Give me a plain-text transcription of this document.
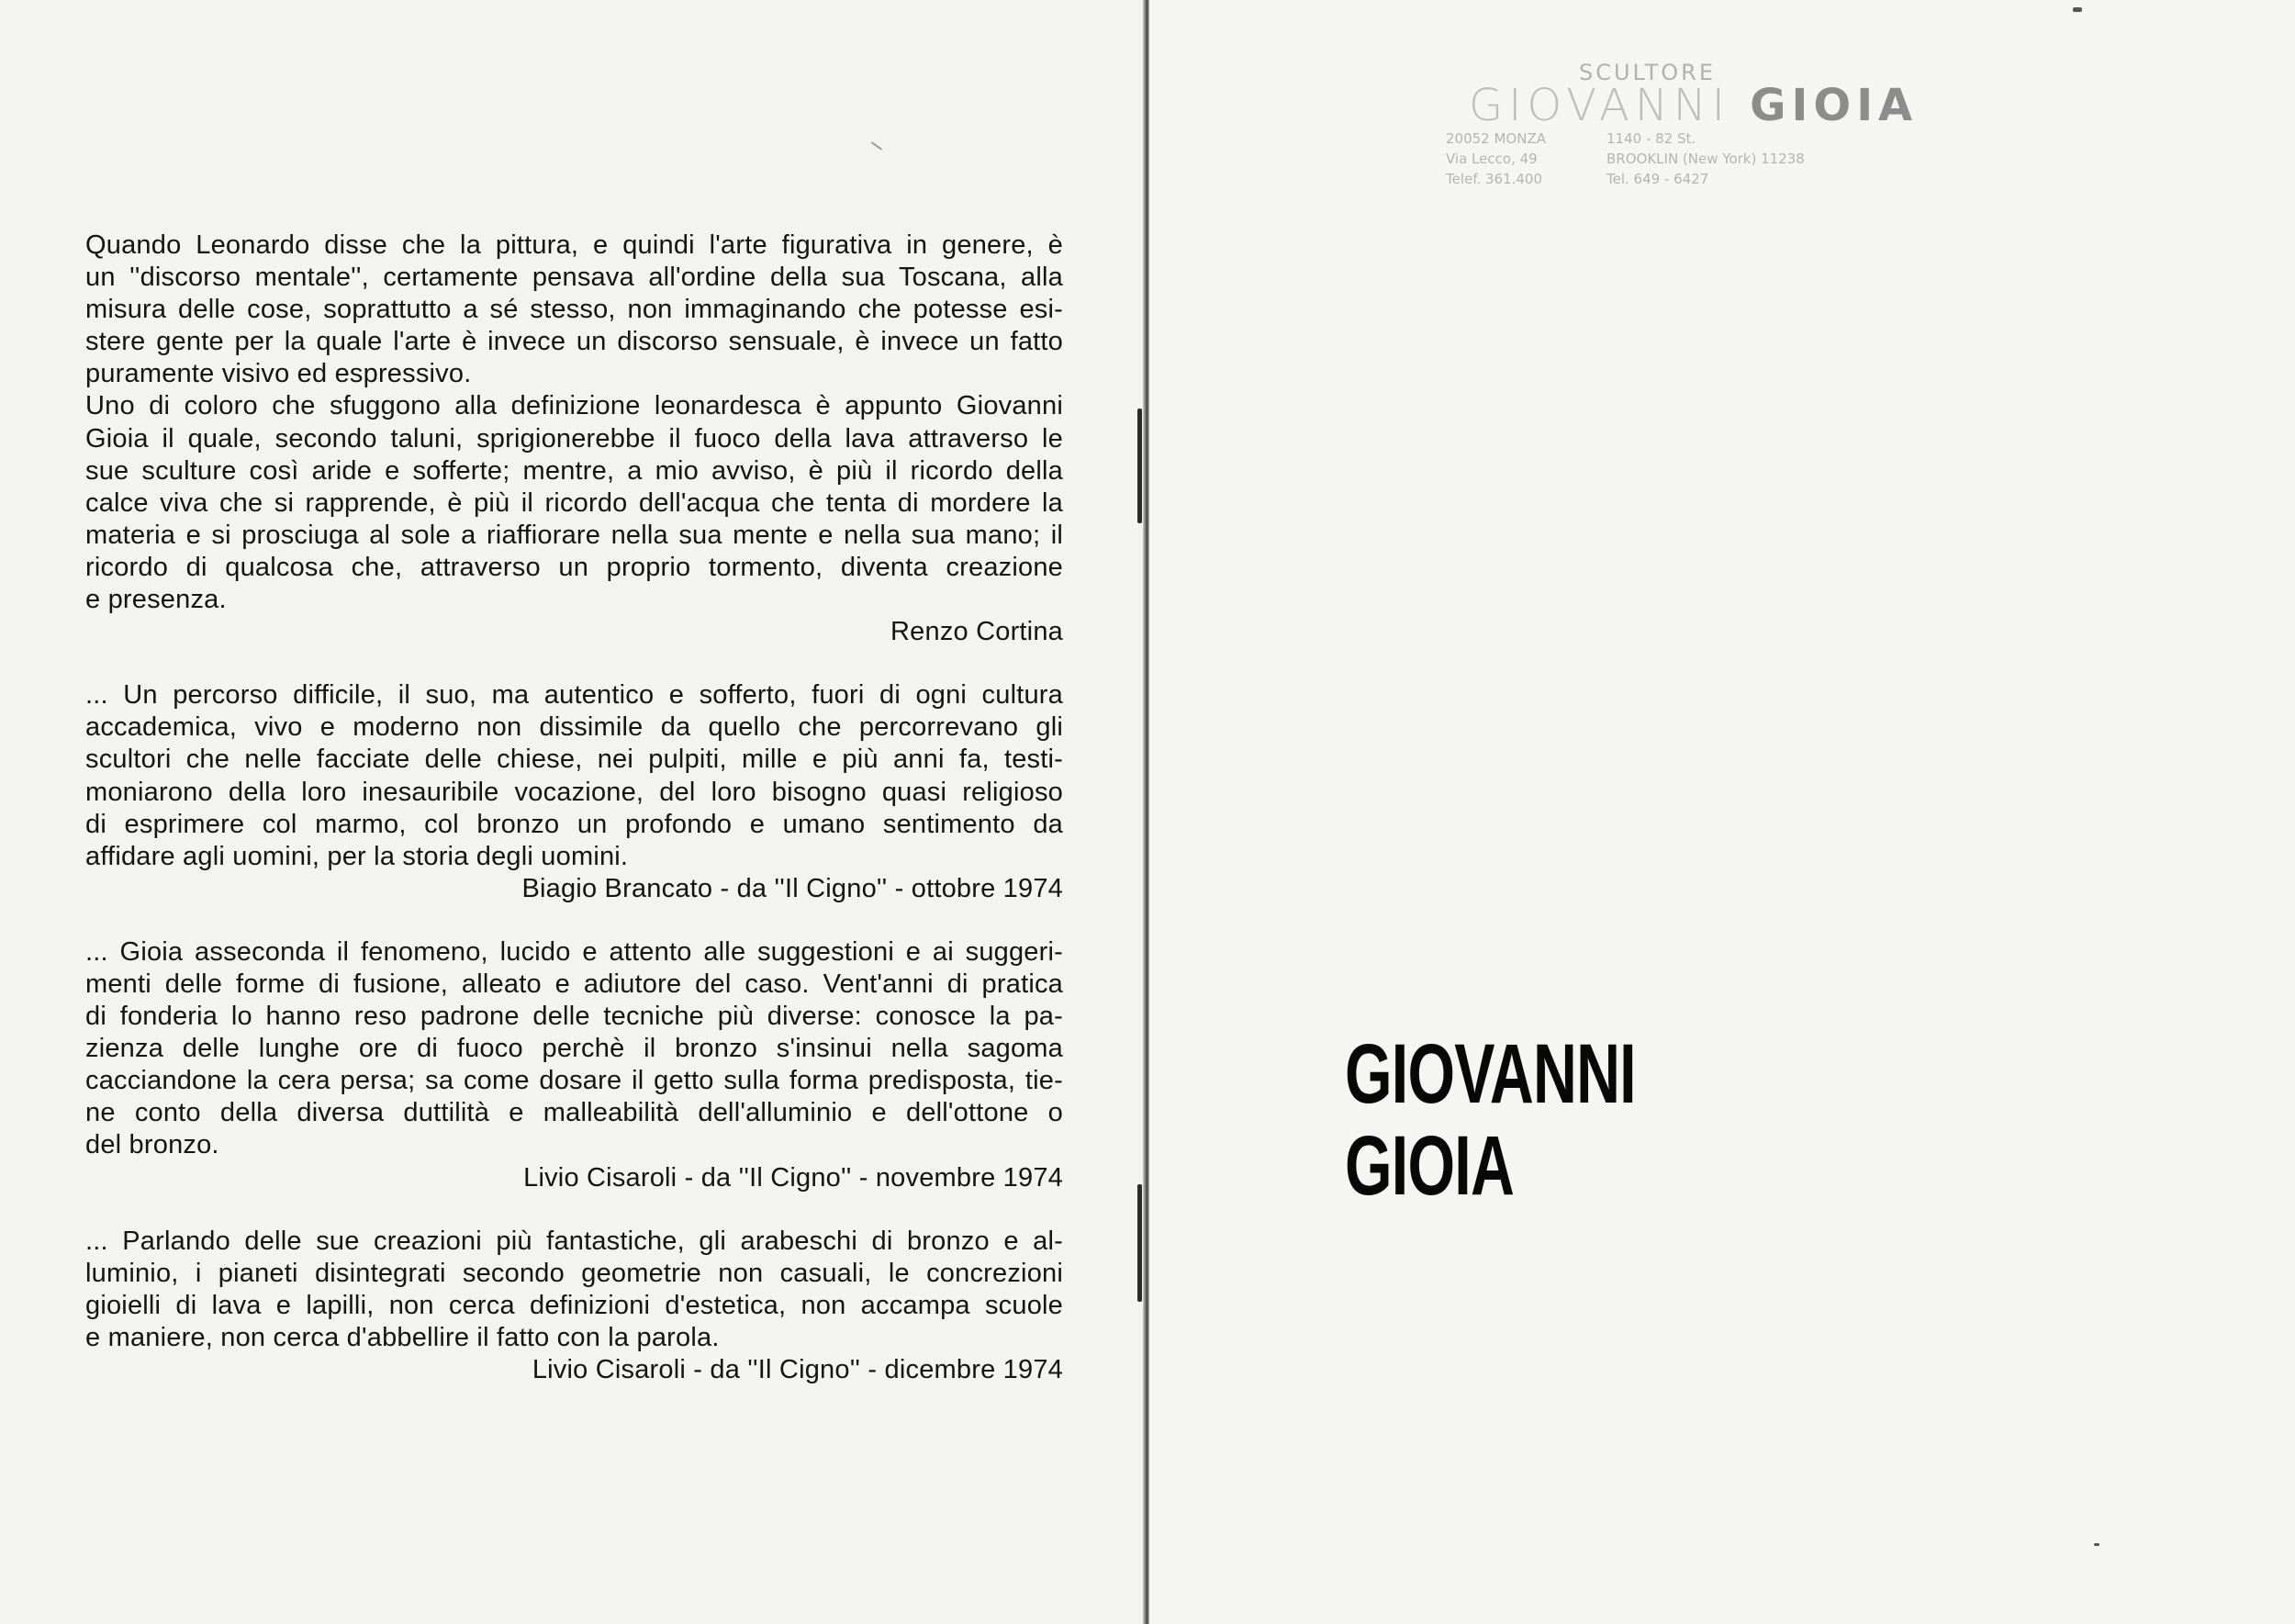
Quando Leonardo disse che la pittura, e quindi l'arte figurativa in genere, è
un ''discorso mentale'', certamente pensava all'ordine della sua Toscana, alla
misura delle cose, soprattutto a sé stesso, non immaginando che potesse esi-
stere gente per la quale l'arte è invece un discorso sensuale, è invece un fatto
puramente visivo ed espressivo.
Uno di coloro che sfuggono alla definizione leonardesca è appunto Giovanni
Gioia il quale, secondo taluni, sprigionerebbe il fuoco della lava attraverso le
sue sculture così aride e sofferte; mentre, a mio avviso, è più il ricordo della
calce viva che si rapprende, è più il ricordo dell'acqua che tenta di mordere la
materia e si prosciuga al sole a riaffiorare nella sua mente e nella sua mano; il
ricordo di qualcosa che, attraverso un proprio tormento, diventa creazione
e presenza.
Renzo Cortina
... Un percorso difficile, il suo, ma autentico e sofferto, fuori di ogni cultura
accademica, vivo e moderno non dissimile da quello che percorrevano gli
scultori che nelle facciate delle chiese, nei pulpiti, mille e più anni fa, testi-
moniarono della loro inesauribile vocazione, del loro bisogno quasi religioso
di esprimere col marmo, col bronzo un profondo e umano sentimento da
affidare agli uomini, per la storia degli uomini.
Biagio Brancato - da ''Il Cigno'' - ottobre 1974
... Gioia asseconda il fenomeno, lucido e attento alle suggestioni e ai suggeri-
menti delle forme di fusione, alleato e adiutore del caso. Vent'anni di pratica
di fonderia lo hanno reso padrone delle tecniche più diverse: conosce la pa-
zienza delle lunghe ore di fuoco perchè il bronzo s'insinui nella sagoma
cacciandone la cera persa; sa come dosare il getto sulla forma predisposta, tie-
ne conto della diversa duttilità e malleabilità dell'alluminio e dell'ottone o
del bronzo.
Livio Cisaroli - da ''Il Cigno'' - novembre 1974
... Parlando delle sue creazioni più fantastiche, gli arabeschi di bronzo e al-
luminio, i pianeti disintegrati secondo geometrie non casuali, le concrezioni
gioielli di lava e lapilli, non cerca definizioni d'estetica, non accampa scuole
e maniere, non cerca d'abbellire il fatto con la parola.
Livio Cisaroli - da ''Il Cigno'' - dicembre 1974
SCULTORE
GIOVANNI GIOIA
20052 MONZA
Via Lecco, 49
Telef. 361.400
1140 - 82 St.
BROOKLIN (New York) 11238
Tel. 649 - 6427
GIOVANNI
GIOIA
